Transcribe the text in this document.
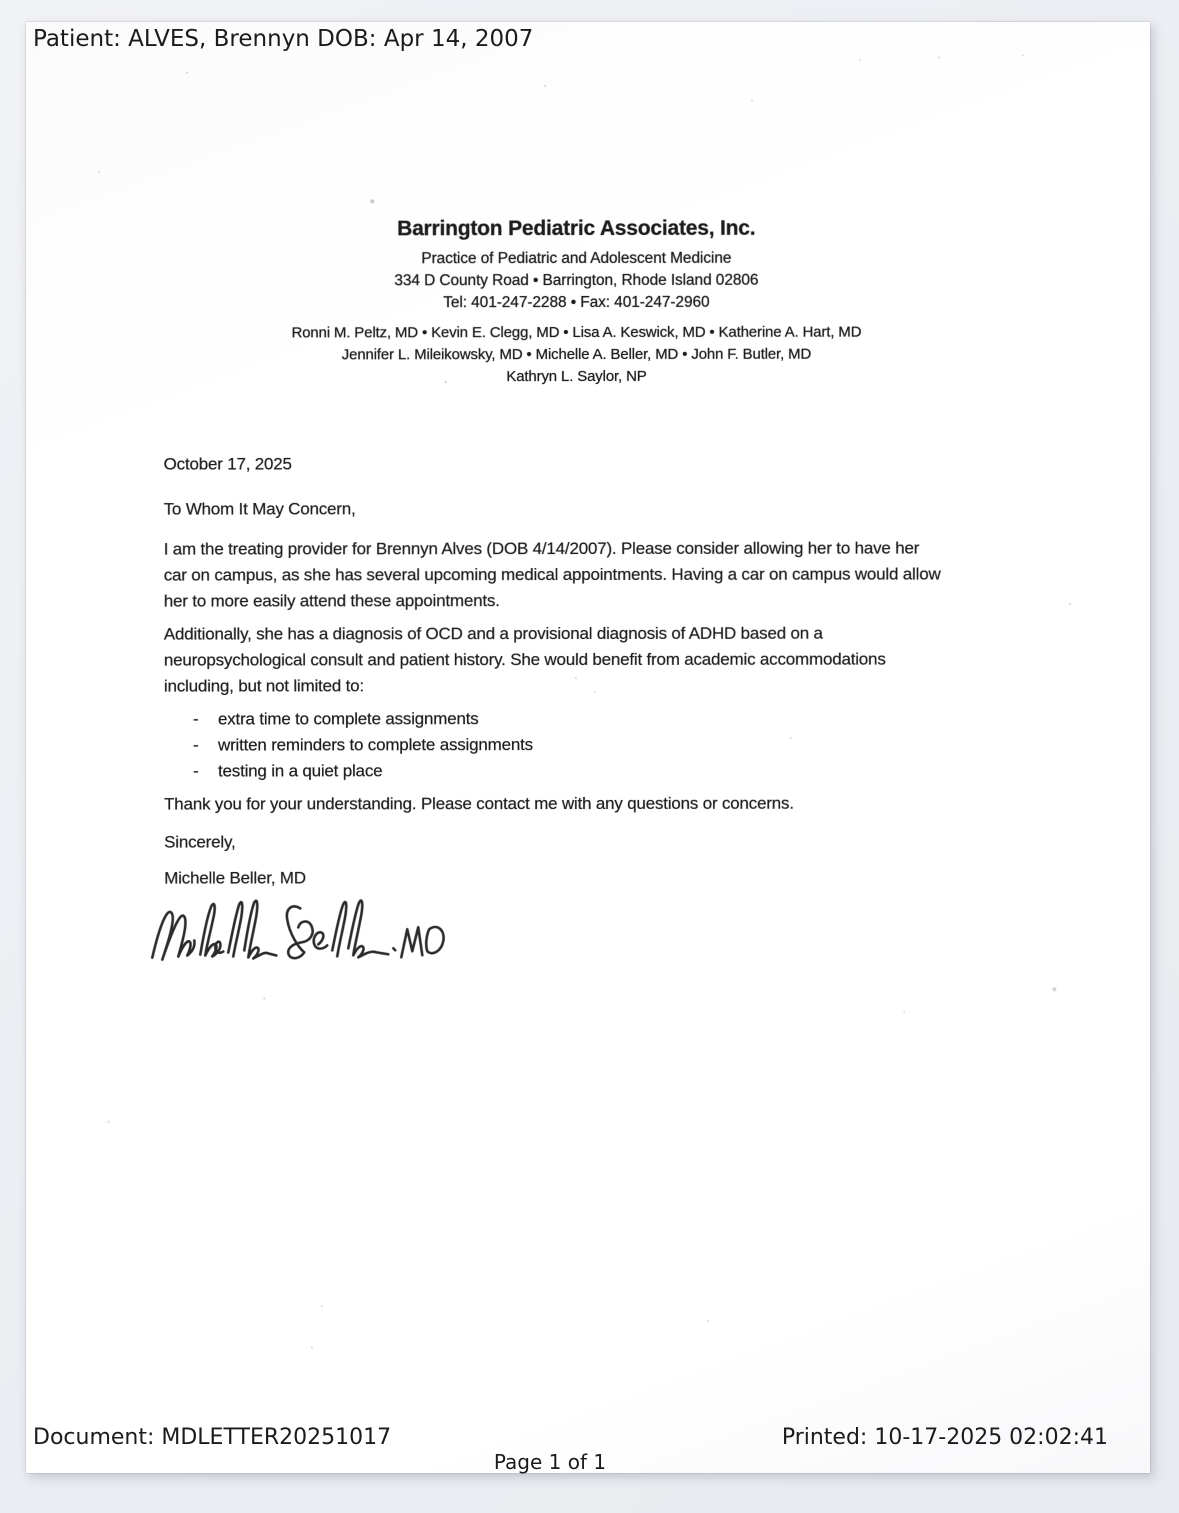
Patient: ALVES, Brennyn DOB: Apr 14, 2007
Barrington Pediatric Associates, Inc.
Practice of Pediatric and Adolescent Medicine
334 D County Road • Barrington, Rhode Island 02806
Tel: 401-247-2288 • Fax: 401-247-2960
Ronni M. Peltz, MD • Kevin E. Clegg, MD • Lisa A. Keswick, MD • Katherine A. Hart, MD
Jennifer L. Mileikowsky, MD • Michelle A. Beller, MD • John F. Butler, MD
Kathryn L. Saylor, NP
October 17, 2025
To Whom It May Concern,
I am the treating provider for Brennyn Alves (DOB 4/14/2007). Please consider allowing her to have her
car on campus, as she has several upcoming medical appointments. Having a car on campus would allow
her to more easily attend these appointments.
Additionally, she has a diagnosis of OCD and a provisional diagnosis of ADHD based on a
neuropsychological consult and patient history. She would benefit from academic accommodations
including, but not limited to:
-	extra time to complete assignments
-	written reminders to complete assignments
-	testing in a quiet place
Thank you for your understanding. Please contact me with any questions or concerns.
Sincerely,
Michelle Beller, MD
Document: MDLETTER20251017	Printed: 10-17-2025 02:02:41
Page 1 of 1
